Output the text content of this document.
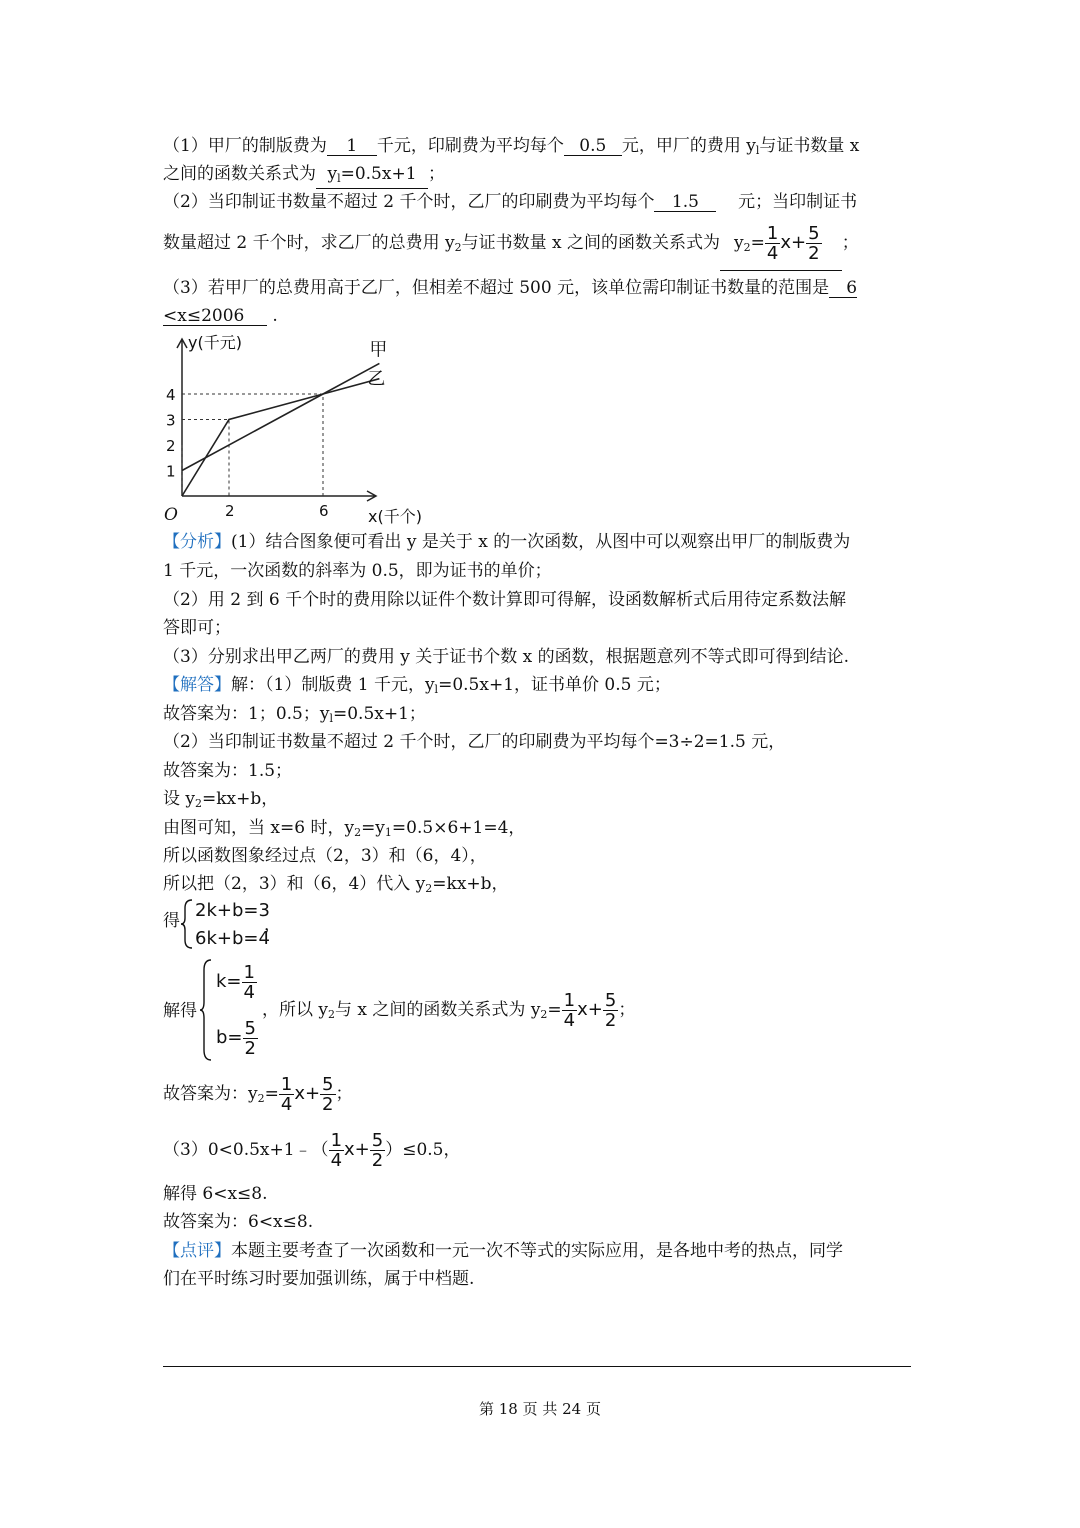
（1）甲厂的制版费为 1 千元，印刷费为平均每个 0.5 元，甲厂的费用 $y_l$与证书数量 x
之间的函数关系式为 $y_l=0.5x+1$ ；
（2）当印制证书数量不超过 2 千个时，乙厂的印刷费为平均每个 1.5 元；当印制证书
数量超过 2 千个时，求乙厂的总费用 $y_2$与证书数量 x 之间的函数关系式为 $y_2= \frac{1}{4} x+ \frac{5}{2}$ ；
（3）若甲厂的总费用高于乙厂，但相差不超过 500 元，该单位需印制证书数量的范围是 6
<x≤2006 .
甲
乙
1
2
3
4
2	6
O
y(千元)
x(千个)
【分析】(1）结合图象便可看出 y 是关于 x 的一次函数，从图中可以观察出甲厂的制版费为
1 千元，一次函数的斜率为 0.5，即为证书的单价；
（2）用 2 到 6 千个时的费用除以证件个数计算即可得解，设函数解析式后用待定系数法解
答即可；
（3）分别求出甲乙两厂的费用 y 关于证书个数 x 的函数，根据题意列不等式即可得到结论.
【解答】解：（1）制版费 1 千元，$y_l=0.5x+1$，证书单价 0.5 元；
故答案为：1；0.5；$y_l=0.5x+1$；
（2）当印制证书数量不超过 2 千个时，乙厂的印刷费为平均每个=3÷2=1.5 元，
故答案为：1.5；
设 $y_2=kx+b$，
由图可知，当 x=6 时，$y_2=y_1=0.5\times 6+1=4$，
所以函数图象经过点（2，3）和（6，4），
所以把（2，3）和（6，4）代入 $y_2=kx+b$，
得 2k+b=3
6k+b=4
，
解得
$k= \frac{1}{4}$
$b= \frac{5}{2}$
，所以 $y_2$与 x 之间的函数关系式为 $y_2= \frac{1}{4} x+ \frac{5}{2}$ ；
故答案为：$y_2= \frac{1}{4} x+ \frac{5}{2}$ ；
（3）0<0.5x+1﹣（ $\frac{1}{4} x+ \frac{5}{2} )\le 0.5$，
解得 6<x≤8.
故答案为：6<x≤8.
【点评】本题主要考查了一次函数和一元一次不等式的实际应用，是各地中考的热点，同学
们在平时练习时要加强训练，属于中档题.
第 18 页 共 24 页
